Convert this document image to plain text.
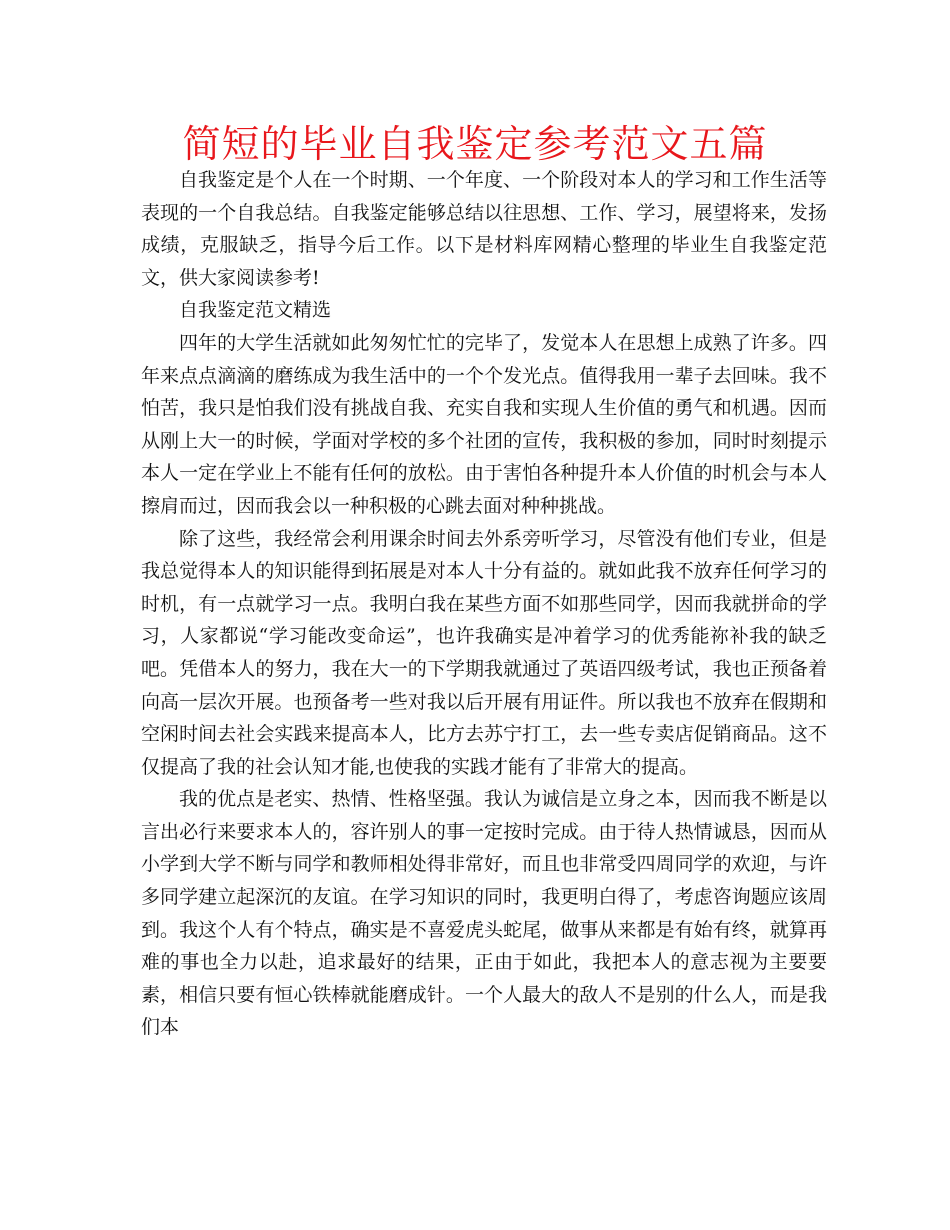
简短的毕业自我鉴定参考范文五篇

自我鉴定是个人在一个时期、一个年度、一个阶段对本人的学习和工作生活等表现的一个自我总结。自我鉴定能够总结以往思想、工作、学习，展望将来，发扬成绩，克服缺乏，指导今后工作。以下是材料库网精心整理的毕业生自我鉴定范文，供大家阅读参考!

自我鉴定范文精选

四年的大学生活就如此匆匆忙忙的完毕了，发觉本人在思想上成熟了许多。四年来点点滴滴的磨练成为我生活中的一个个发光点。值得我用一辈子去回味。我不怕苦，我只是怕我们没有挑战自我、充实自我和实现人生价值的勇气和机遇。因而从刚上大一的时候，学面对学校的多个社团的宣传，我积极的参加，同时时刻提示本人一定在学业上不能有任何的放松。由于害怕各种提升本人价值的时机会与本人擦肩而过，因而我会以一种积极的心跳去面对种种挑战。

除了这些，我经常会利用课余时间去外系旁听学习，尽管没有他们专业，但是我总觉得本人的知识能得到拓展是对本人十分有益的。就如此我不放弃任何学习的时机，有一点就学习一点。我明白我在某些方面不如那些同学，因而我就拼命的学习，人家都说“学习能改变命运”，也许我确实是冲着学习的优秀能祢补我的缺乏吧。凭借本人的努力，我在大一的下学期我就通过了英语四级考试，我也正预备着向高一层次开展。也预备考一些对我以后开展有用证件。所以我也不放弃在假期和空闲时间去社会实践来提高本人，比方去苏宁打工，去一些专卖店促销商品。这不仅提高了我的社会认知才能,也使我的实践才能有了非常大的提高。

我的优点是老实、热情、性格坚强。我认为诚信是立身之本，因而我不断是以言出必行来要求本人的，容许别人的事一定按时完成。由于待人热情诚恳，因而从小学到大学不断与同学和教师相处得非常好，而且也非常受四周同学的欢迎，与许多同学建立起深沉的友谊。在学习知识的同时，我更明白得了，考虑咨询题应该周到。我这个人有个特点，确实是不喜爱虎头蛇尾，做事从来都是有始有终，就算再难的事也全力以赴，追求最好的结果，正由于如此，我把本人的意志视为主要要素，相信只要有恒心铁棒就能磨成针。一个人最大的敌人不是别的什么人，而是我们本
